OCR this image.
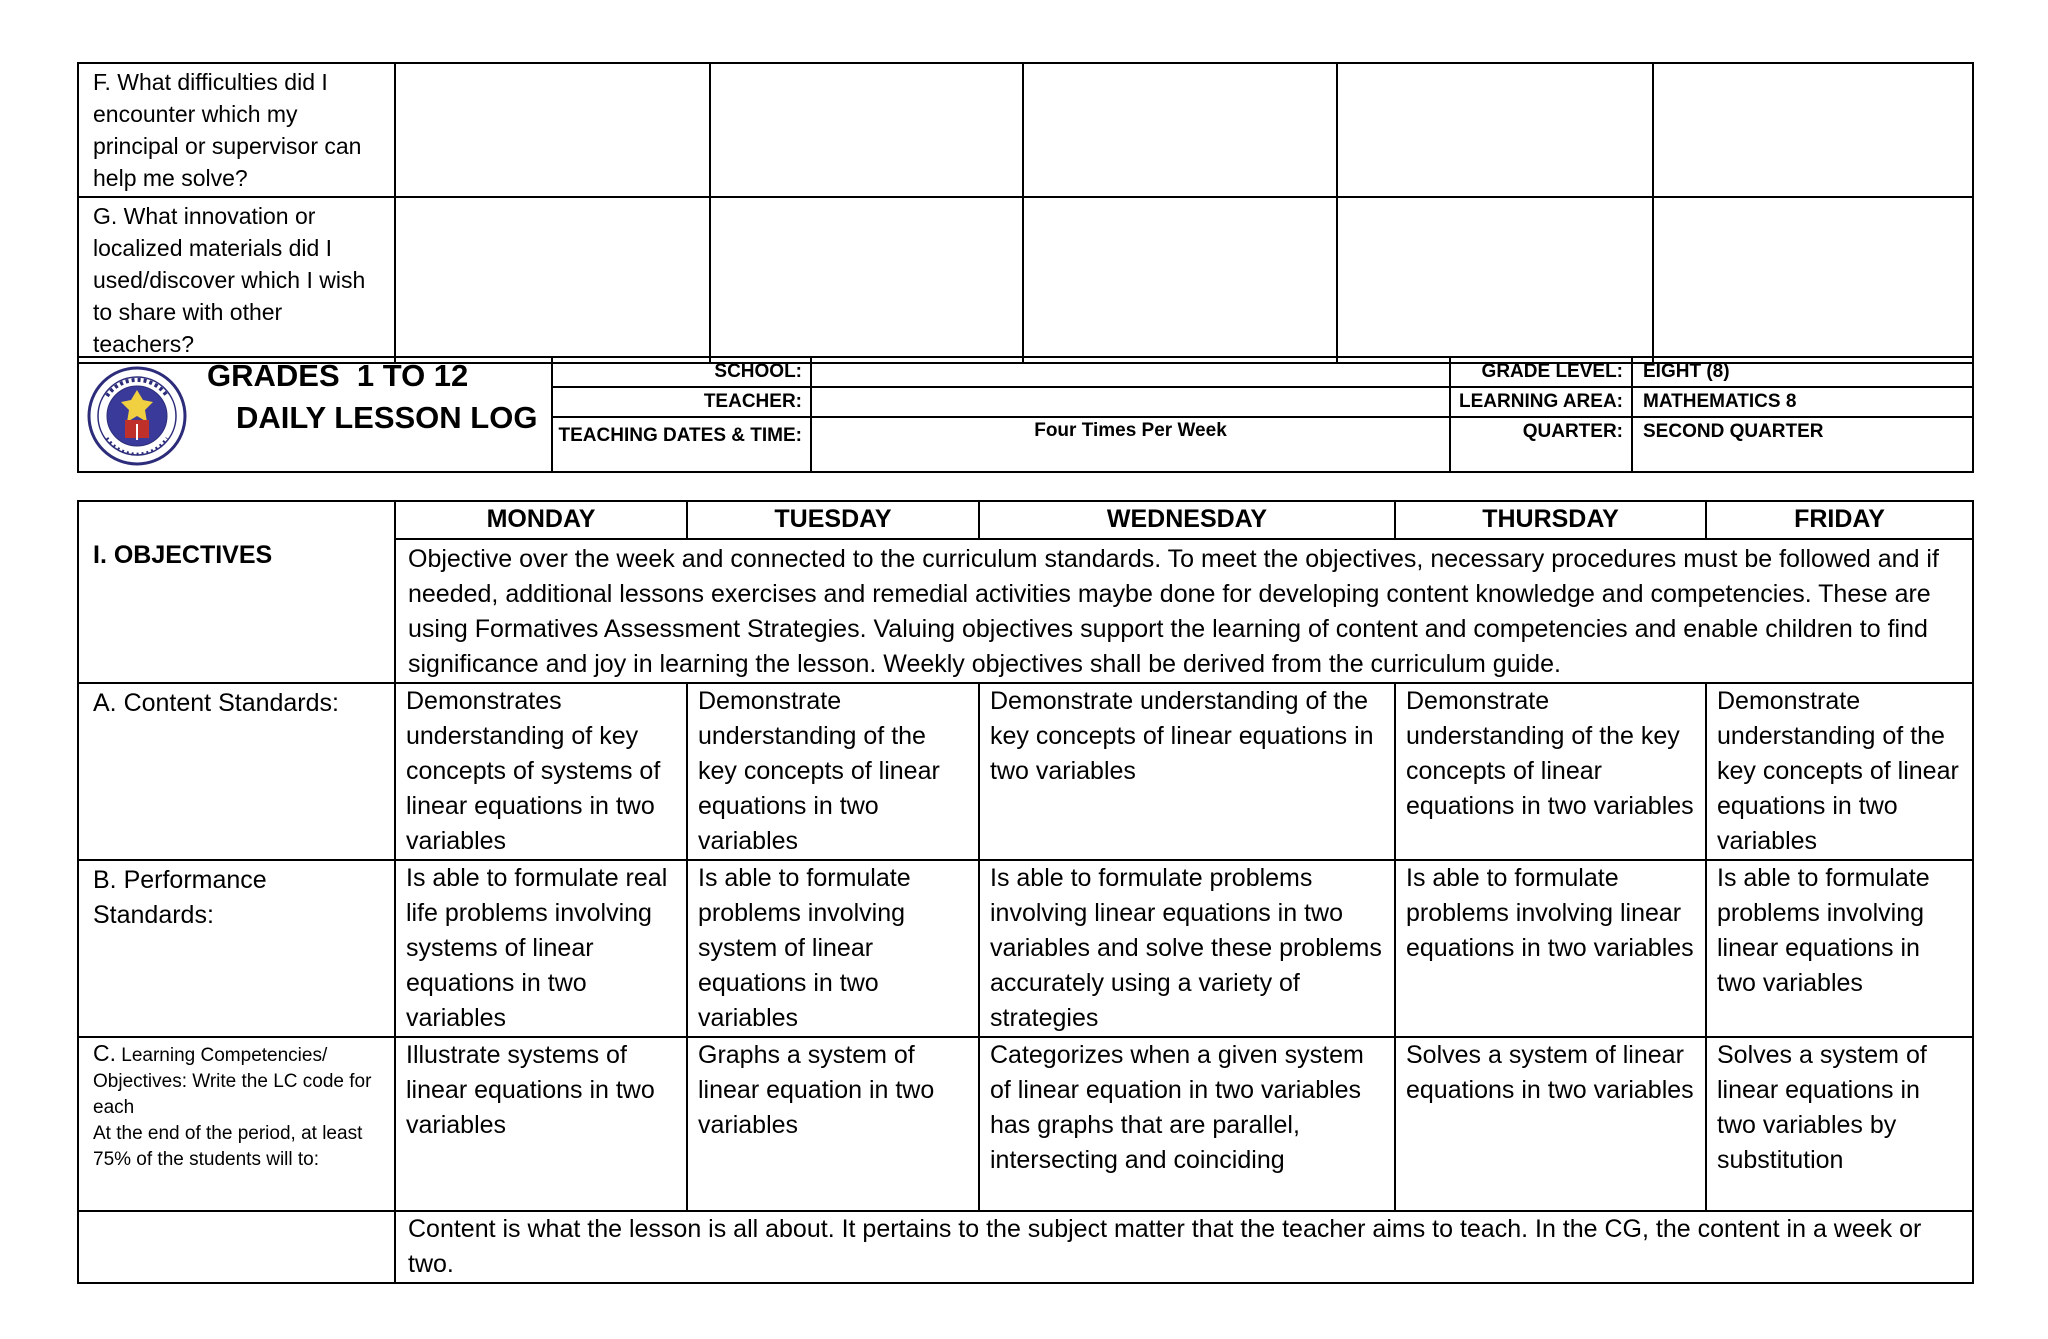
F. What difficulties did I encounter which my principal or supervisor can help me solve?					
G. What innovation or localized materials did I used/discover which I wish to share with other teachers?					
GRADES  1 TO 12
DAILY LESSON LOG	SCHOOL:		GRADE LEVEL:	EIGHT (8)
	TEACHER:		LEARNING AREA:	MATHEMATICS 8
	TEACHING DATES & TIME:	Four Times Per Week	QUARTER:	SECOND QUARTER
I. OBJECTIVES	MONDAY	TUESDAY	WEDNESDAY	THURSDAY	FRIDAY
	Objective over the week and connected to the curriculum standards. To meet the objectives, necessary procedures must be followed and if needed, additional lessons exercises and remedial activities maybe done for developing content knowledge and competencies. These are using Formatives Assessment Strategies. Valuing objectives support the learning of content and competencies and enable children to find significance and joy in learning the lesson. Weekly objectives shall be derived from the curriculum guide.				
A. Content Standards:	Demonstrates understanding of key concepts of systems of linear equations in two variables	Demonstrate understanding of the key concepts of linear equations in two variables	Demonstrate understanding of the key concepts of linear equations in two variables	Demonstrate understanding of the key concepts of linear equations in two variables	Demonstrate understanding of the key concepts of linear equations in two variables
B. Performance Standards:	Is able to formulate real life problems involving systems of linear equations in two variables	Is able to formulate problems involving system of linear equations in two variables	Is able to formulate problems involving linear equations in two variables and solve these problems accurately using a variety of strategies	Is able to formulate problems involving linear equations in two variables	Is able to formulate problems involving linear equations in two variables

C. Learning Competencies/
Objectives: Write the LC code for each
At the end of the period, at least 75% of the students will to:	Illustrate systems of linear equations in two variables	Graphs a system of linear equation in two variables	Categorizes when a given system of linear equation in two variables has graphs that are parallel, intersecting and coinciding	Solves a system of linear equations in two variables	Solves a system of linear equations in two variables by substitution
	Content is what the lesson is all about. It pertains to the subject matter that the teacher aims to teach. In the CG, the content in a week or two.				
